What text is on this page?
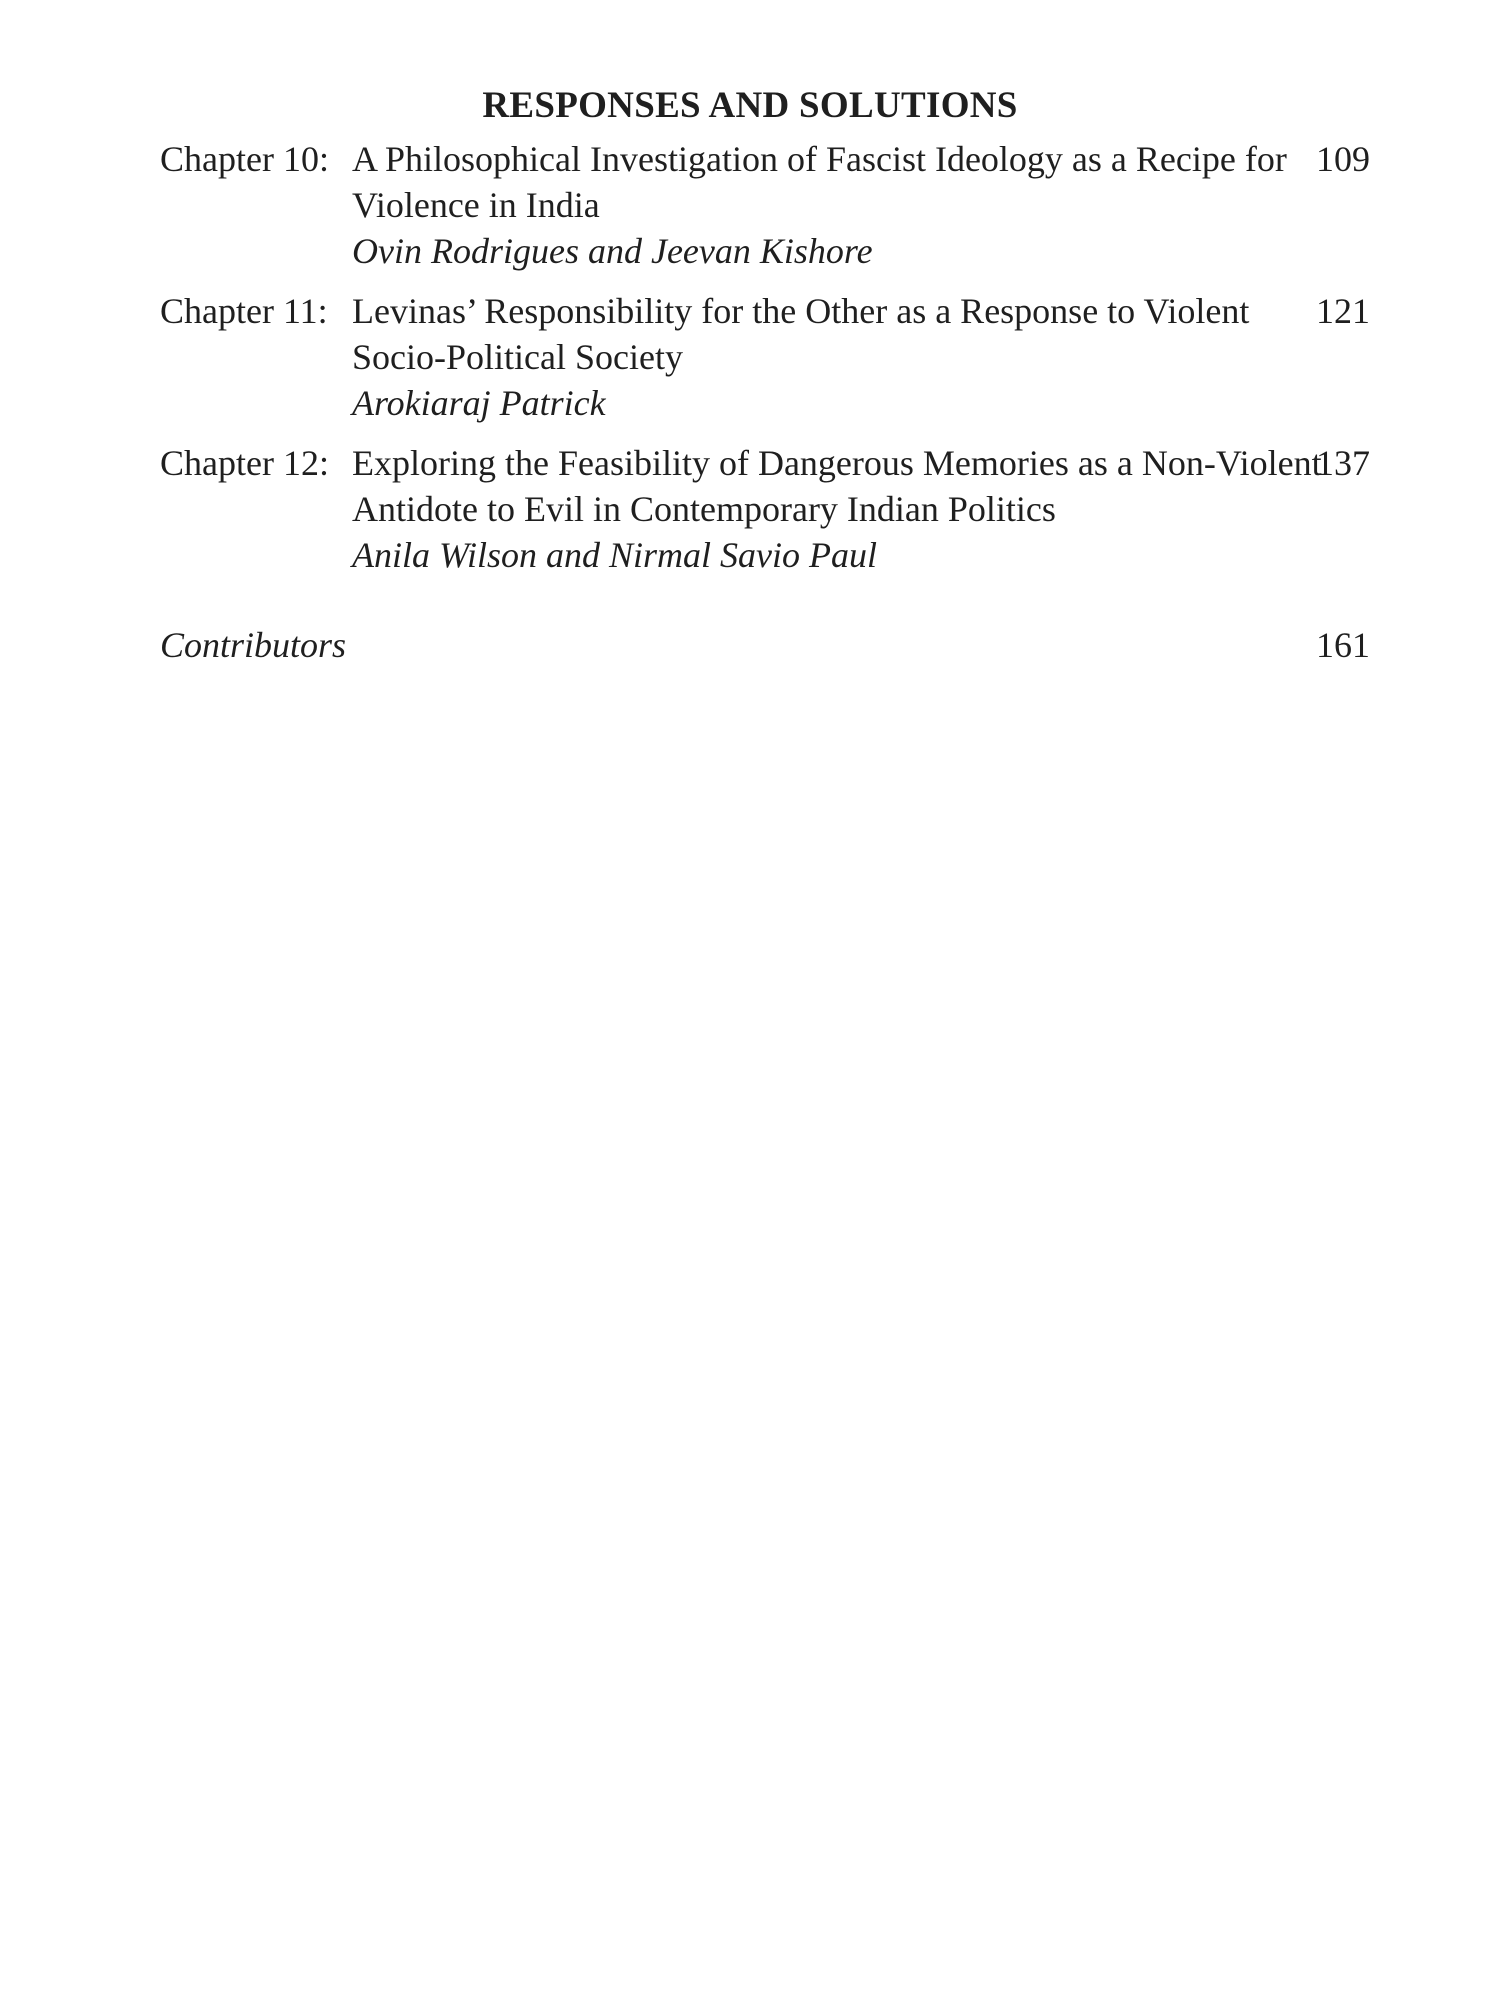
RESPONSES AND SOLUTIONS
Chapter 10: A Philosophical Investigation of Fascist Ideology as a Recipe for Violence in India
Ovin Rodrigues and Jeevan Kishore
109
Chapter 11: Levinas’ Responsibility for the Other as a Response to Violent Socio-Political Society
Arokiaraj Patrick
121
Chapter 12: Exploring the Feasibility of Dangerous Memories as a Non-Violent Antidote to Evil in Contemporary Indian Politics
Anila Wilson and Nirmal Savio Paul
137
Contributors	161
